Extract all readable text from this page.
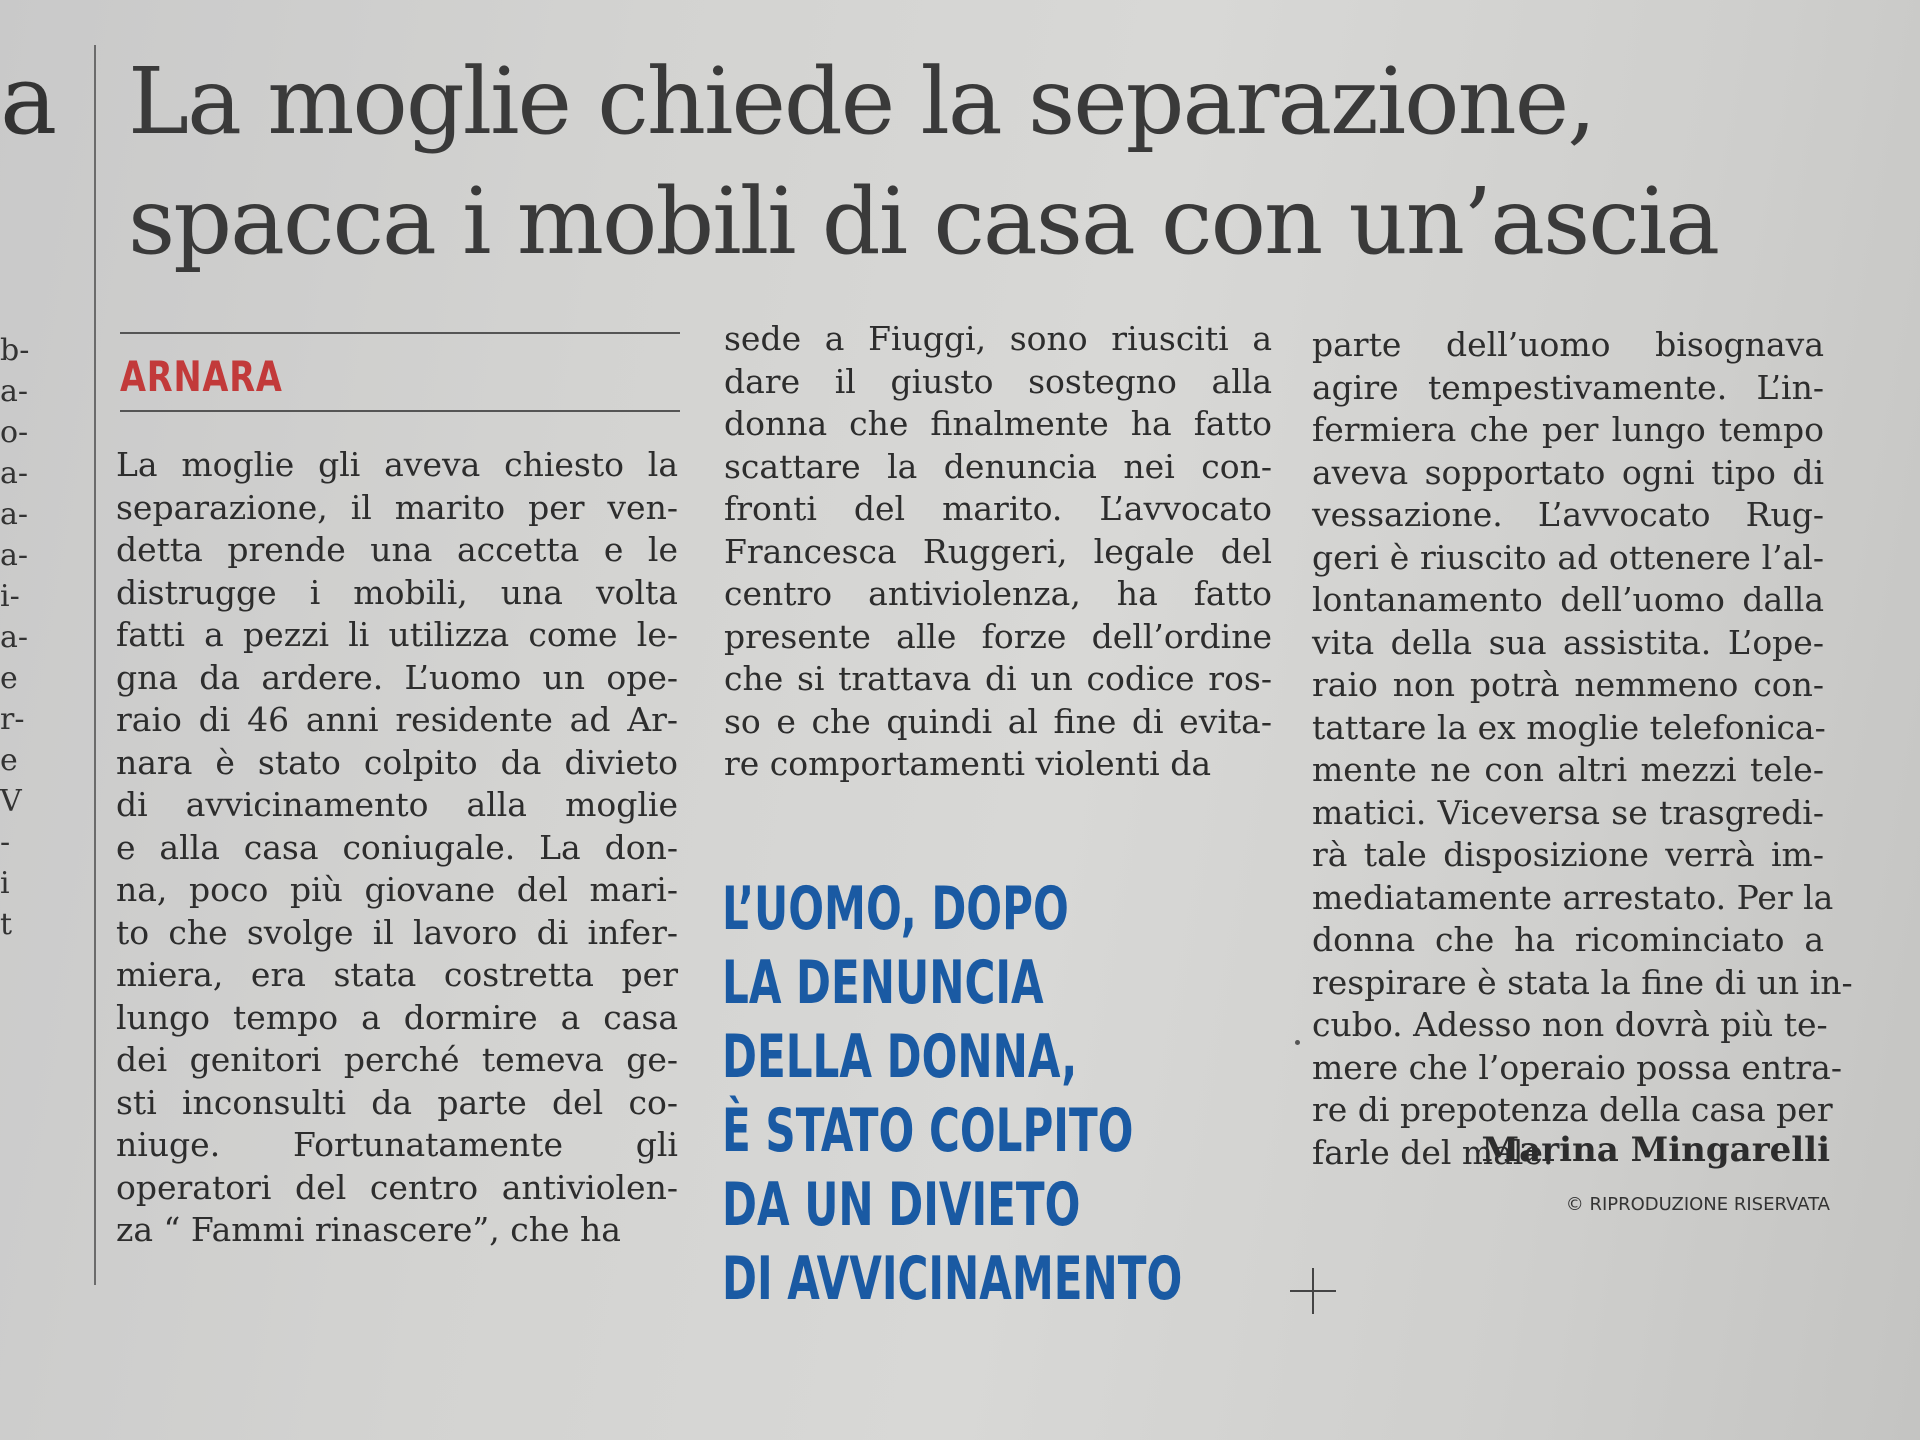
a
b-
a-
o-
a-
a-
a-
i-
a-
e
r-
e
V
-
i
t
La moglie chiede la separazione,
spacca i mobili di casa con un’ascia
ARNARA
La moglie gli aveva chiesto la
separazione, il marito per ven-
detta prende una accetta e le
distrugge i mobili, una volta
fatti a pezzi li utilizza come le-
gna da ardere. L’uomo un ope-
raio di 46 anni residente ad Ar-
nara è stato colpito da divieto
di avvicinamento alla moglie
e alla casa coniugale. La don-
na, poco più giovane del mari-
to che svolge il lavoro di infer-
miera, era stata costretta per
lungo tempo a dormire a casa
dei genitori perché temeva ge-
sti inconsulti da parte del co-
niuge. Fortunatamente gli
operatori del centro antiviolen-
za “ Fammi rinascere”, che ha
sede a Fiuggi, sono riusciti a
dare il giusto sostegno alla
donna che finalmente ha fatto
scattare la denuncia nei con-
fronti del marito. L’avvocato
Francesca Ruggeri, legale del
centro antiviolenza, ha fatto
presente alle forze dell’ordine
che si trattava di un codice ros-
so e che quindi al fine di evita-
re comportamenti violenti da
parte dell’uomo bisognava
agire tempestivamente. L’in-
fermiera che per lungo tempo
aveva sopportato ogni tipo di
vessazione. L’avvocato Rug-
geri è riuscito ad ottenere l’al-
lontanamento dell’uomo dalla
vita della sua assistita. L’ope-
raio non potrà nemmeno con-
tattare la ex moglie telefonica-
mente ne con altri mezzi tele-
matici. Viceversa se trasgredi-
rà tale disposizione verrà im-
mediatamente arrestato. Per la
donna che ha ricominciato a
respirare è stata la fine di un in-
cubo. Adesso non dovrà più te-
mere che l’operaio possa entra-
re di prepotenza della casa per
farle del male.
L’UOMO, DOPO
LA DENUNCIA
DELLA DONNA,
È STATO COLPITO
DA UN DIVIETO
DI AVVICINAMENTO
Marina Mingarelli
© RIPRODUZIONE RISERVATA
